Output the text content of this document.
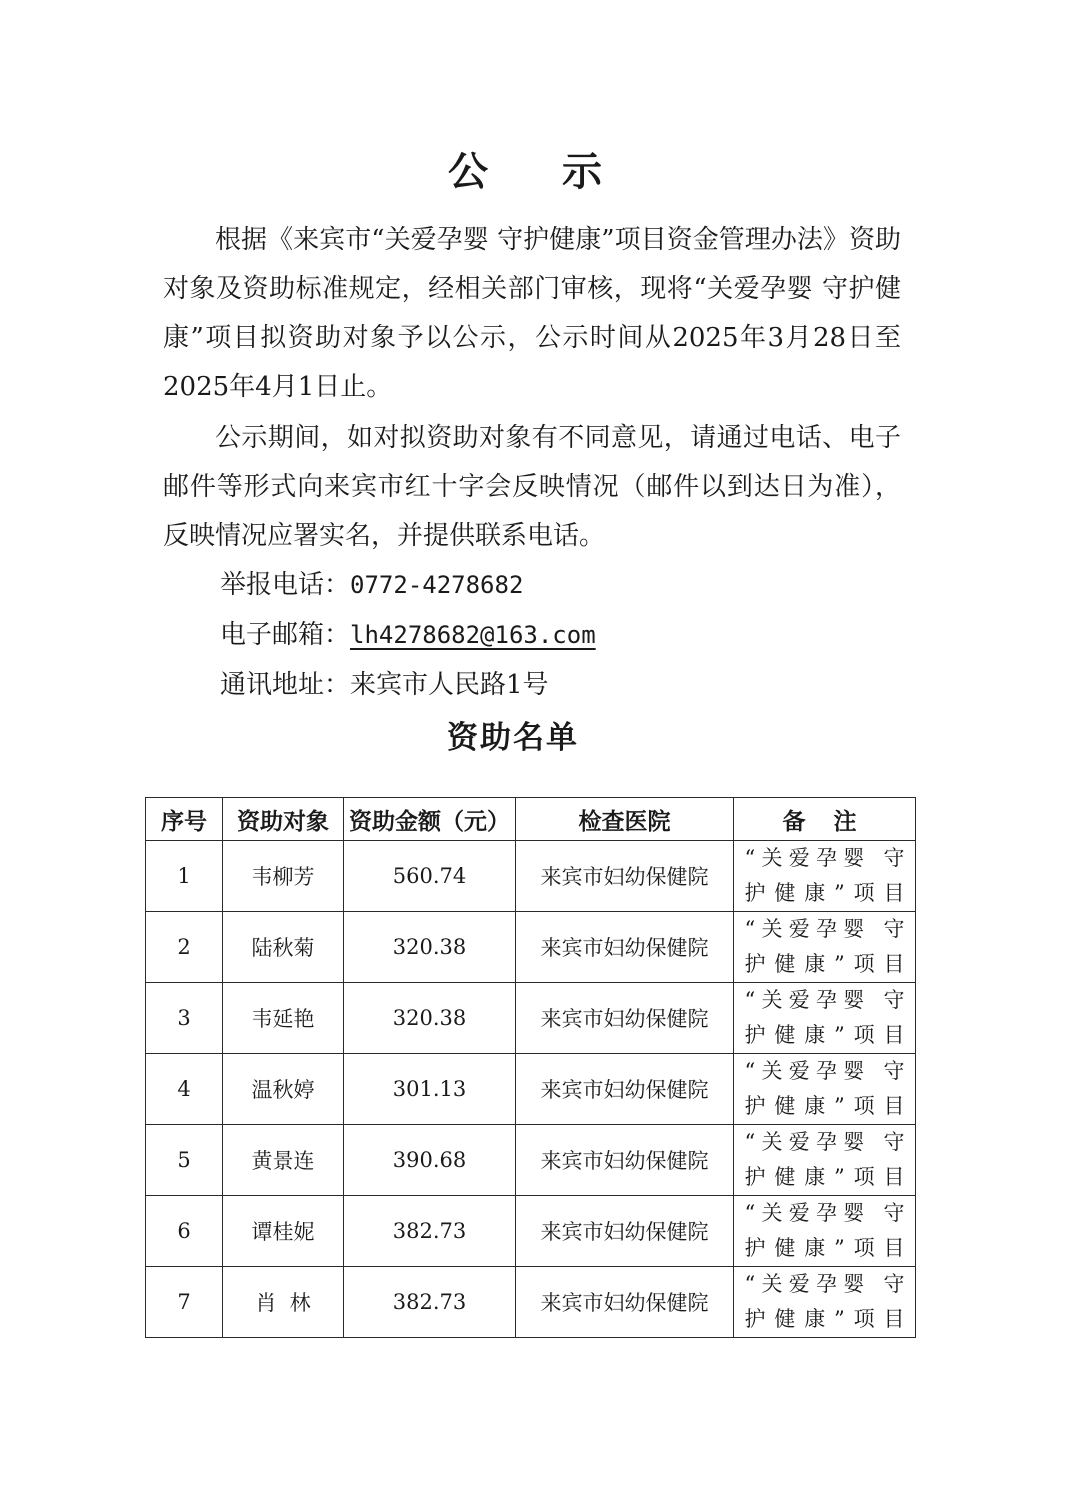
公 示

根据《来宾市“关爱孕婴 守护健康”项目资金管理办法》资助对象及资助标准规定，经相关部门审核，现将“关爱孕婴 守护健康”项目拟资助对象予以公示，公示时间从2025年3月28日至2025年4月1日止。

公示期间，如对拟资助对象有不同意见，请通过电话、电子邮件等形式向来宾市红十字会反映情况（邮件以到达日为准），反映情况应署实名，并提供联系电话。

举报电话：0772-4278682
电子邮箱：lh4278682@163.com
通讯地址：来宾市人民路1号
资助名单
序号	资助对象	资助金额（元）	检查医院	备 注
1	韦柳芳	560.74	来宾市妇幼保健院	“关爱孕婴 守
护健康”项目
2	陆秋菊	320.38	来宾市妇幼保健院	“关爱孕婴 守
护健康”项目
3	韦延艳	320.38	来宾市妇幼保健院	“关爱孕婴 守
护健康”项目
4	温秋婷	301.13	来宾市妇幼保健院	“关爱孕婴 守
护健康”项目
5	黄景连	390.68	来宾市妇幼保健院	“关爱孕婴 守
护健康”项目
6	谭桂妮	382.73	来宾市妇幼保健院	“关爱孕婴 守
护健康”项目
7	肖  林	382.73	来宾市妇幼保健院	“关爱孕婴 守
护健康”项目
